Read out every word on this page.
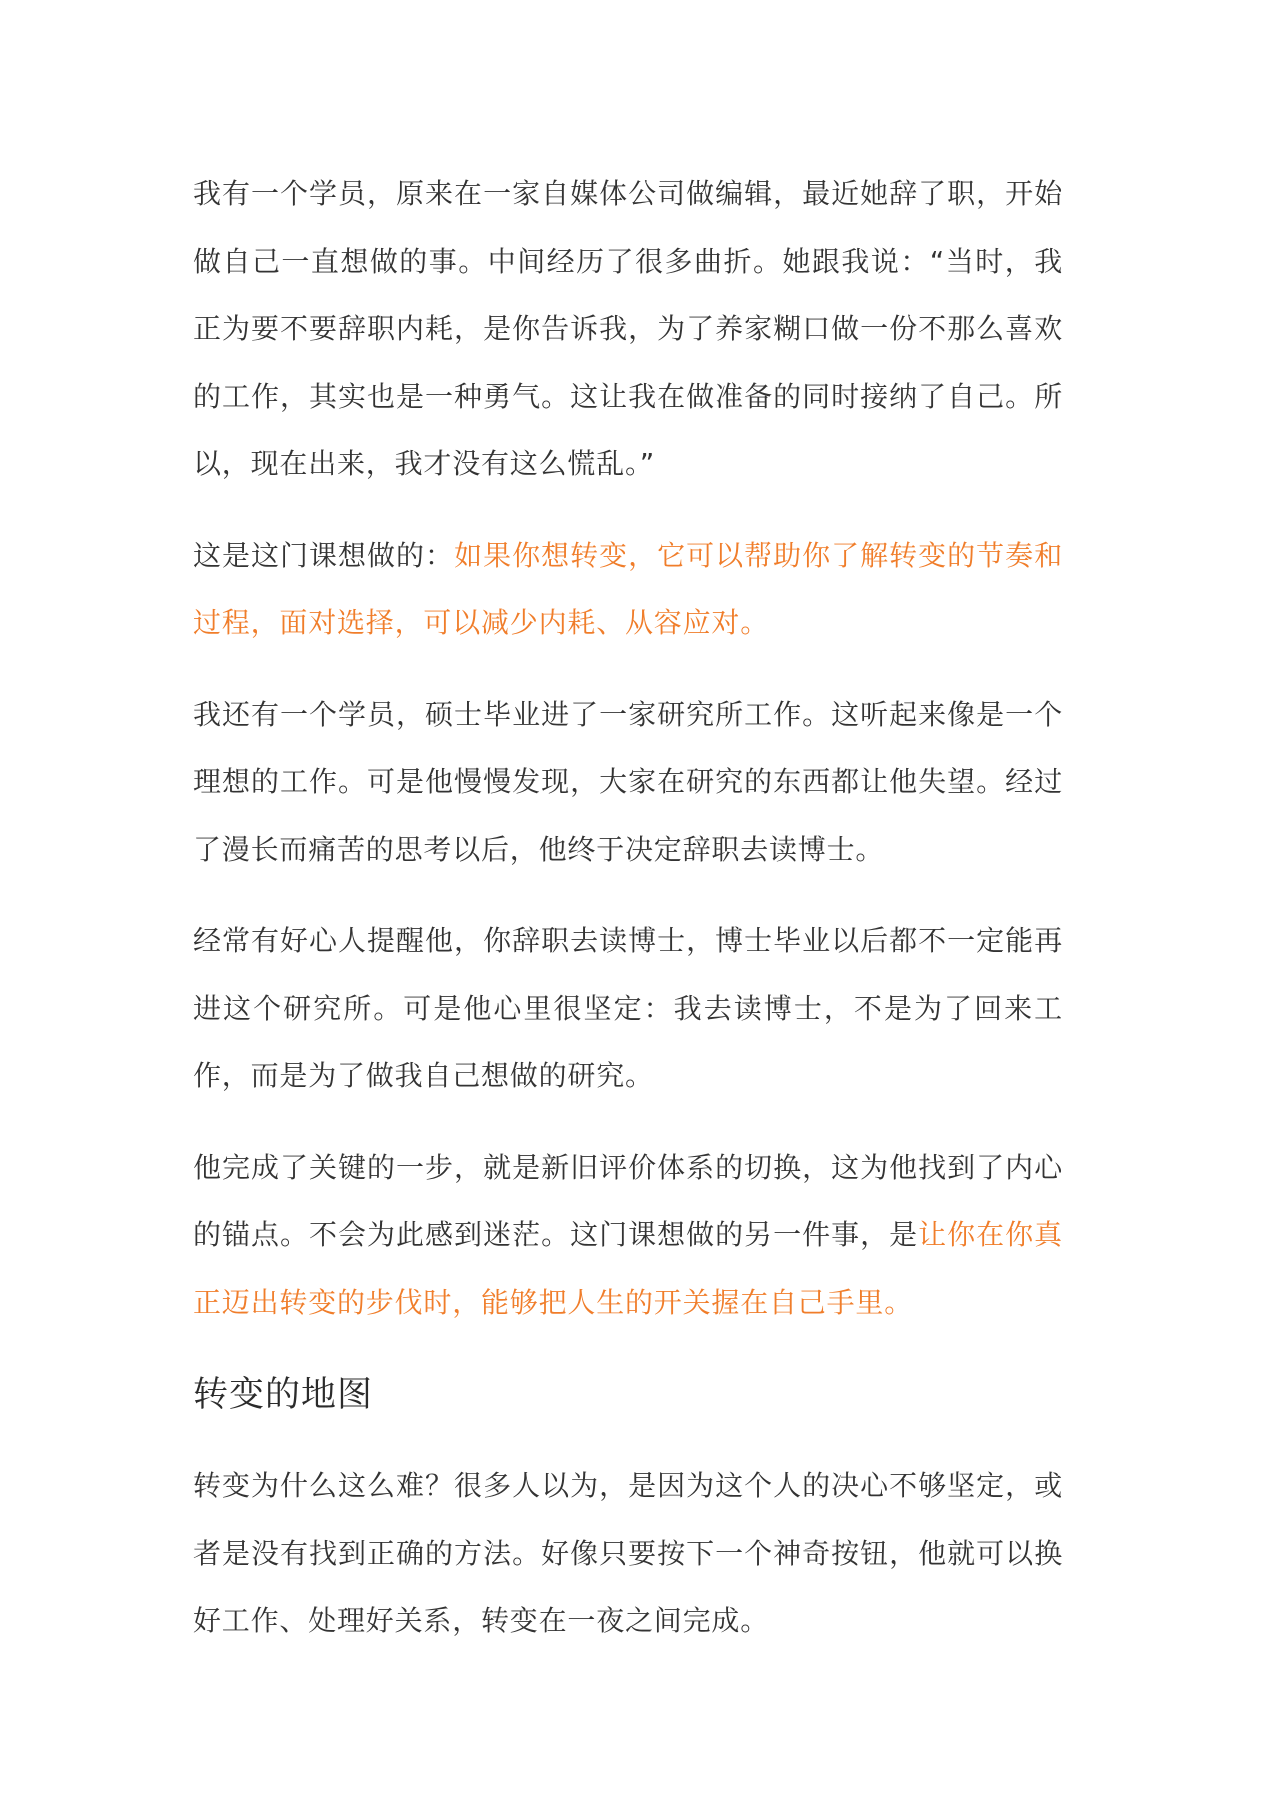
我有一个学员，原来在一家自媒体公司做编辑，最近她辞了职，开始做自己一直想做的事。中间经历了很多曲折。她跟我说：“当时，我正为要不要辞职内耗，是你告诉我，为了养家糊口做一份不那么喜欢的工作，其实也是一种勇气。这让我在做准备的同时接纳了自己。所以，现在出来，我才没有这么慌乱。”

这是这门课想做的：如果你想转变，它可以帮助你了解转变的节奏和过程，面对选择，可以减少内耗、从容应对。

我还有一个学员，硕士毕业进了一家研究所工作。这听起来像是一个理想的工作。可是他慢慢发现，大家在研究的东西都让他失望。经过了漫长而痛苦的思考以后，他终于决定辞职去读博士。

经常有好心人提醒他，你辞职去读博士，博士毕业以后都不一定能再进这个研究所。可是他心里很坚定：我去读博士，不是为了回来工作，而是为了做我自己想做的研究。

他完成了关键的一步，就是新旧评价体系的切换，这为他找到了内心的锚点。不会为此感到迷茫。这门课想做的另一件事，是让你在你真正迈出转变的步伐时，能够把人生的开关握在自己手里。

转变的地图

转变为什么这么难？很多人以为，是因为这个人的决心不够坚定，或者是没有找到正确的方法。好像只要按下一个神奇按钮，他就可以换好工作、处理好关系，转变在一夜之间完成。
